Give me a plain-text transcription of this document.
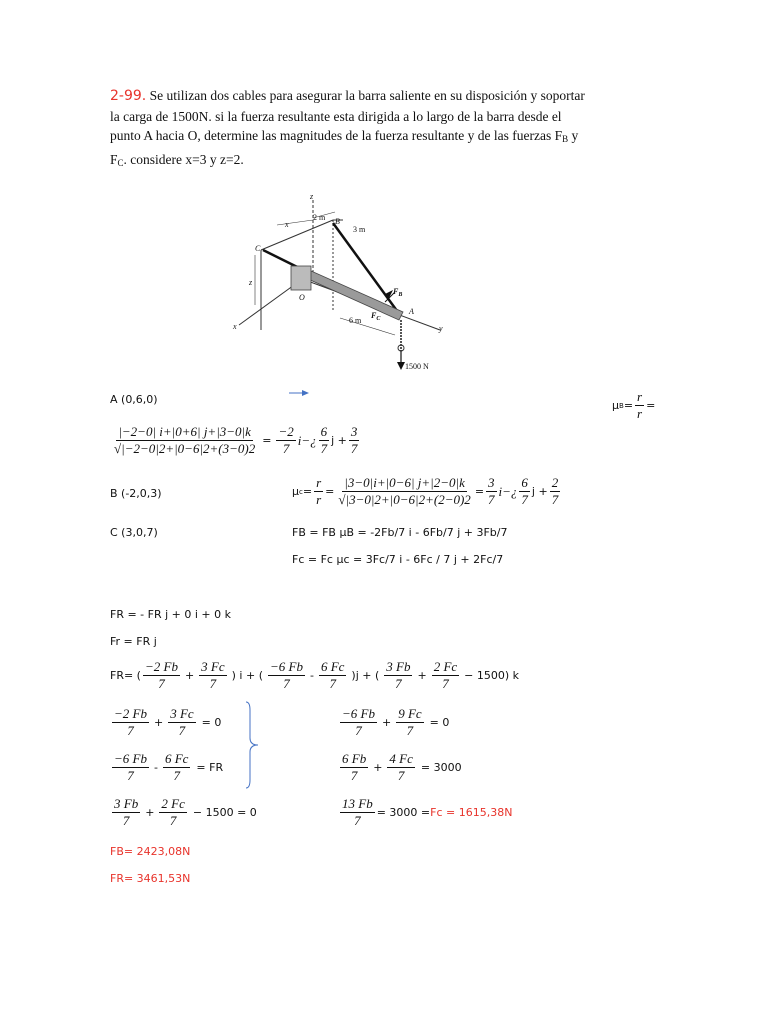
2-99. Se utilizan dos cables para asegurar la barra saliente en su disposición y soportar
la carga de 1500N. si la fuerza resultante esta dirigida a lo largo de la barra desde el
punto A hacia O, determine las magnitudes de la fuerza resultante y de las fuerzas FB y
FC. considere x=3 y z=2.
z
x
2 m B
3 m
C
z
$F_B$
A
O
x
6 m
$F_C$
y
1500 N
A (0,6,0)	μ $B = \frac{r}{r}$ =
$\frac{|-2-0| i+|0+6| j+|3-0|k}{√|-2-0|2+|0-6|2+(3-0)2} = \frac{-2}{7}$ i−¿ $\frac{6}{7}$ $j + \frac{3}{7}$
B (-2,0,3)	μ $c = \frac{r}{r} = \frac{|3-0|i+|0-6| j+|2-0|k}{√|3-0|2+|0-6|2+(2-0)2} = \frac{3}{7}$ i−¿ $\frac{6}{7}$ $j + \frac{2}{7}$
C (3,0,7)	FB = FB μB = -2Fb/7 i - 6Fb/7 j + 3Fb/7
Fc = Fc μc = 3Fc/7 i - 6Fc / 7 j + 2Fc/7
FR = - FR j + 0 i + 0 k
Fr = FR j
FR= ( $\frac{-2 Fb}{7} + \frac{3 Fc}{7}$ ) i + ( $\frac{-6 Fb}{7} - \frac{6 Fc}{7} )j$ + ( $\frac{3 Fb}{7} + \frac{2 Fc}{7} - 1500$) k
$\frac{-2 Fb}{7} + \frac{3 Fc}{7} = 0$
$\frac{-6 Fb}{7} - \frac{6 Fc}{7}$ = FR
$\frac{3 Fb}{7} + \frac{2 Fc}{7} - 1500 = 0$
$\frac{-6 Fb}{7} + \frac{9 Fc}{7} = 0$
$\frac{6 Fb}{7} + \frac{4 Fc}{7} = 3000$
$\frac{13 Fb}{7} = 3000 = Fc = 1615,38N$
FB= 2423,08N
FR= 3461,53N
